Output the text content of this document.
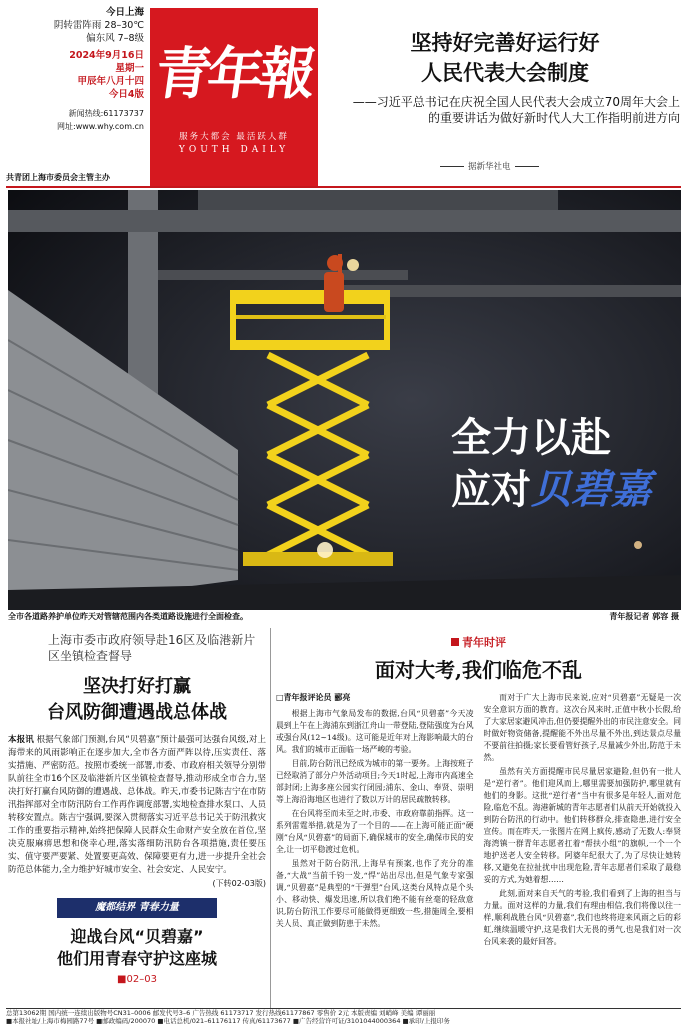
今日上海
阴转雷阵雨 28–30℃
偏东风 7–8级
2024年9月16日
星期一
甲辰年八月十四
今日4版
新闻热线:61173737
网址:www.why.com.cn
青年報
服务大都会 最活跃人群
YOUTH DAILY
坚持好完善好运行好
人民代表大会制度
——习近平总书记在庆祝全国人民代表大会成立70周年大会上的重要讲话为做好新时代人大工作指明前进方向
据新华社电
共青团上海市委员会主管主办
全力以赴
应对贝碧嘉
全市各道路养护单位昨天对管辖范围内各类道路设施进行全面检查。	青年报记者 郭容 摄
上海市委市政府领导赴16区及临港新片区坐镇检查督导
坚决打好打赢
台风防御遭遇战总体战
本报讯 根据气象部门预测,台风“贝碧嘉”预计最强可达强台风级,对上海带来的风雨影响正在逐步加大,全市各方面严阵以待,压实责任、落实措施、严密防范。按照市委统一部署,市委、市政府相关领导分别带队前往全市16个区及临港新片区坐镇检查督导,推动形成全市合力,坚决打好打赢台风防御的遭遇战、总体战。昨天,市委书记陈吉宁在市防汛指挥部对全市防汛防台工作再作调度部署,实地检查排水泵口、人员转移安置点。陈吉宁强调,要深入贯彻落实习近平总书记关于防汛救灾工作的重要指示精神,始终把保障人民群众生命财产安全放在首位,坚决克服麻痹思想和侥幸心理,落实落细防汛防台各项措施,责任要压实、值守要严要紧、处置要更高效、保障要更有力,进一步提升全社会防范总体能力,全力维护好城市安全、社会安定、人民安宁。
(下转02-03版)
魔都结界 青春力量
迎战台风“贝碧嘉”
他们用青春守护这座城
■02–03
青年时评
面对大考,我们临危不乱

□青年报评论员 郦亮

根据上海市气象局发布的数据,台风“贝碧嘉”今天凌晨到上午在上海浦东到浙江舟山一带登陆,登陆强度为台风或强台风(12~14级)。这可能是近年对上海影响最大的台风。我们的城市正面临一场严峻的考验。

目前,防台防汛已经成为城市的第一要务。上海按班子已经取消了部分户外活动项目;今天1时起,上海市内高速全部封闭;上海多座公园实行闭园;浦东、金山、奉贤、崇明等上海沿海地区也进行了数以万计的居民疏散转移。

在台风将至而未至之时,市委、市政府靠前指挥。这一系列雷霆举措,就是为了一个目的——在上海可能正面“硬刚”台风“贝碧嘉”的局面下,确保城市的安全,确保市民的安全,让一切平稳渡过危机。

虽然对于防台防汛,上海早有预案,也作了充分的准备,“大战”当前千钧一发,“悍”站出尽出,但是气象专家强调,“贝碧嘉”是典型的“干弹型”台风,这类台风特点是个头小、移动快、爆发迅速,所以我们绝不能有丝毫的轻敌意识,防台防汛工作要尽可能做得更细致一些,措施周全,要相关人员、真正做到防患于未然。

而对于广大上海市民来说,应对“贝碧嘉”无疑是一次安全意识方面的教育。这次台风来时,正值中秋小长假,给了大家居家避风冲击,但仍要提醒外出的市民注意安全。同时做好物资储备,提醒能不外出尽量不外出,到达景点尽量不要前往拍摄;家长要看管好孩子,尽量减少外出,防范于未然。

虽然有关方面提醒市民尽量居家避险,但仍有一批人是“逆行者”。他们迎风而上,哪里需要加强防护,哪里就有他们的身影。这批“逆行者”当中有很多是年轻人,面对危险,临危不乱。海港新城的青年志愿者们从前天开始就投入到防台防汛的行动中。他们转移群众,排查隐患,进行安全宣传。而在昨天,一张图片在网上疯传,感动了无数人:奉贤海湾镇一群青年志愿者扛着“帮扶小组”的旗帜,一个一个地护送老人安全转移。阿婆年纪很大了,为了尽快让她转移,又避免在拉扯扰中出现危险,青年志愿者们采取了最稳妥的方式,为她着想……

此刻,面对来自天气的考验,我们看到了上海的担当与力量。面对这样的力量,我们有理由相信,我们将像以往一样,顺利战胜台风“贝碧嘉”,我们也终将迎来风雨之后的彩虹,继续温暖守护,这是我们大无畏的勇气,也是我们对一次台风来袭的最好回答。

总第13062期 国内统一连续出版物号CN31–0006 邮发代号3–6 广告热线 61173717 发行热线61177867 零售价 2元 本版责编 刘峭峰 美编 谭丽丽
■本报社址/上海市梅园路77号 ■邮政编码/200070 ■电话总机/021–61176117 传真/61173677 ■广告经营许可证/3101044000364 ■承印/上报印务
